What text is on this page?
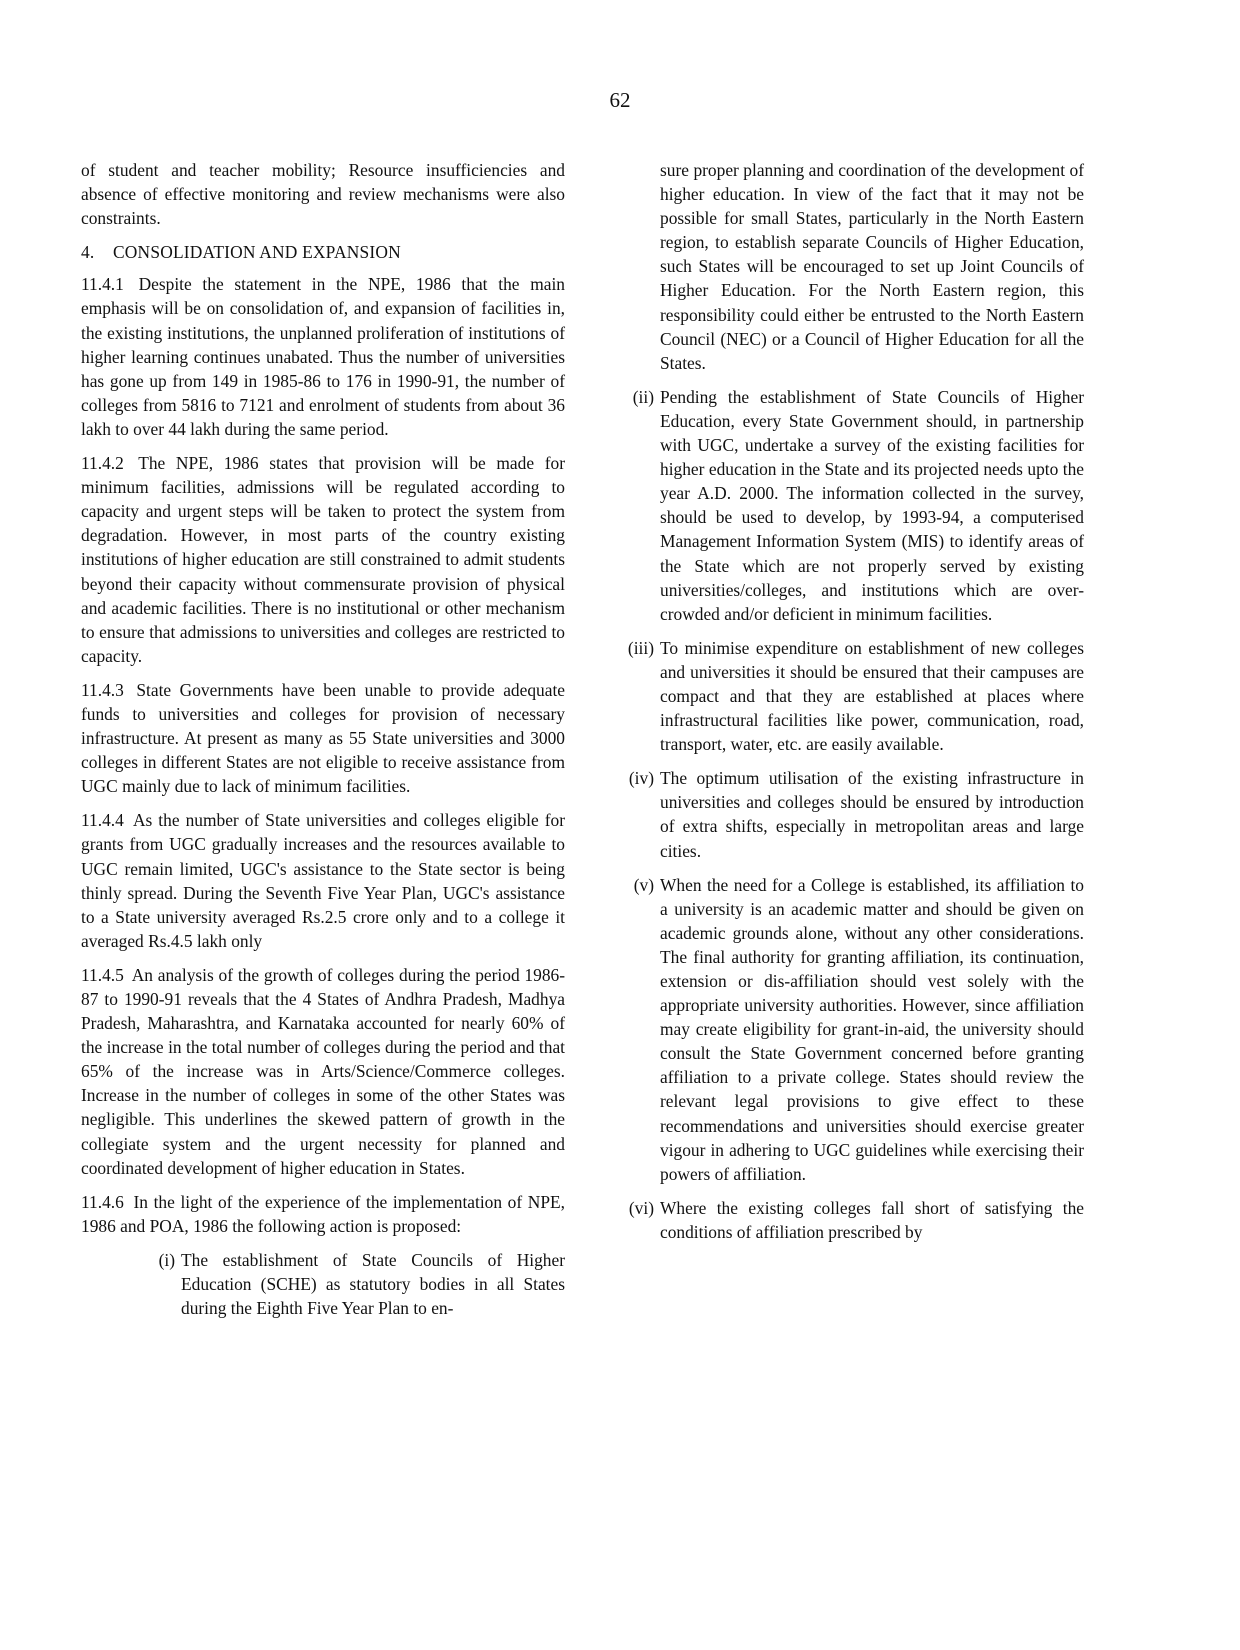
62

of student and teacher mobility; Resource insufficiencies and absence of effective monitoring and review mechanisms were also constraints.

4. CONSOLIDATION AND EXPANSION

11.4.1 Despite the statement in the NPE, 1986 that the main emphasis will be on consolidation of, and expansion of facilities in, the existing institutions, the unplanned proliferation of institutions of higher learning continues unabated. Thus the number of universities has gone up from 149 in 1985-86 to 176 in 1990-91, the number of colleges from 5816 to 7121 and enrolment of students from about 36 lakh to over 44 lakh during the same period.

11.4.2 The NPE, 1986 states that provision will be made for minimum facilities, admissions will be regulated according to capacity and urgent steps will be taken to protect the system from degradation. However, in most parts of the country existing institutions of higher education are still constrained to admit students beyond their capacity without commensurate provision of physical and academic facilities. There is no institutional or other mechanism to ensure that admissions to universities and colleges are restricted to capacity.

11.4.3 State Governments have been unable to provide adequate funds to universities and colleges for provision of necessary infrastructure. At present as many as 55 State universities and 3000 colleges in different States are not eligible to receive assistance from UGC mainly due to lack of minimum facilities.

11.4.4 As the number of State universities and colleges eligible for grants from UGC gradually increases and the resources available to UGC remain limited, UGC's assistance to the State sector is being thinly spread. During the Seventh Five Year Plan, UGC's assistance to a State university averaged Rs.2.5 crore only and to a college it averaged Rs.4.5 lakh only

11.4.5 An analysis of the growth of colleges during the period 1986-87 to 1990-91 reveals that the 4 States of Andhra Pradesh, Madhya Pradesh, Maharashtra, and Karnataka accounted for nearly 60% of the increase in the total number of colleges during the period and that 65% of the increase was in Arts/Science/Commerce colleges. Increase in the number of colleges in some of the other States was negligible. This underlines the skewed pattern of growth in the collegiate system and the urgent necessity for planned and coordinated development of higher education in States.

11.4.6 In the light of the experience of the implementation of NPE, 1986 and POA, 1986 the following action is proposed:

(i) The establishment of State Councils of Higher Education (SCHE) as statutory bodies in all States during the Eighth Five Year Plan to en-

sure proper planning and coordination of the development of higher education. In view of the fact that it may not be possible for small States, particularly in the North Eastern region, to establish separate Councils of Higher Education, such States will be encouraged to set up Joint Councils of Higher Education. For the North Eastern region, this responsibility could either be entrusted to the North Eastern Council (NEC) or a Council of Higher Education for all the States.

(ii) Pending the establishment of State Councils of Higher Education, every State Government should, in partnership with UGC, undertake a survey of the existing facilities for higher education in the State and its projected needs upto the year A.D. 2000. The information collected in the survey, should be used to develop, by 1993-94, a computerised Management Information System (MIS) to identify areas of the State which are not properly served by existing universities/colleges, and institutions which are over-crowded and/or deficient in minimum facilities.
(iii) To minimise expenditure on establishment of new colleges and universities it should be ensured that their campuses are compact and that they are established at places where infrastructural facilities like power, communication, road, transport, water, etc. are easily available.
(iv) The optimum utilisation of the existing infrastructure in universities and colleges should be ensured by introduction of extra shifts, especially in metropolitan areas and large cities.
(v) When the need for a College is established, its affiliation to a university is an academic matter and should be given on academic grounds alone, without any other considerations. The final authority for granting affiliation, its continuation, extension or dis-affiliation should vest solely with the appropriate university authorities. However, since affiliation may create eligibility for grant-in-aid, the university should consult the State Government concerned before granting affiliation to a private college. States should review the relevant legal provisions to give effect to these recommendations and universities should exercise greater vigour in adhering to UGC guidelines while exercising their powers of affiliation.
(vi) Where the existing colleges fall short of satisfying the conditions of affiliation prescribed by
